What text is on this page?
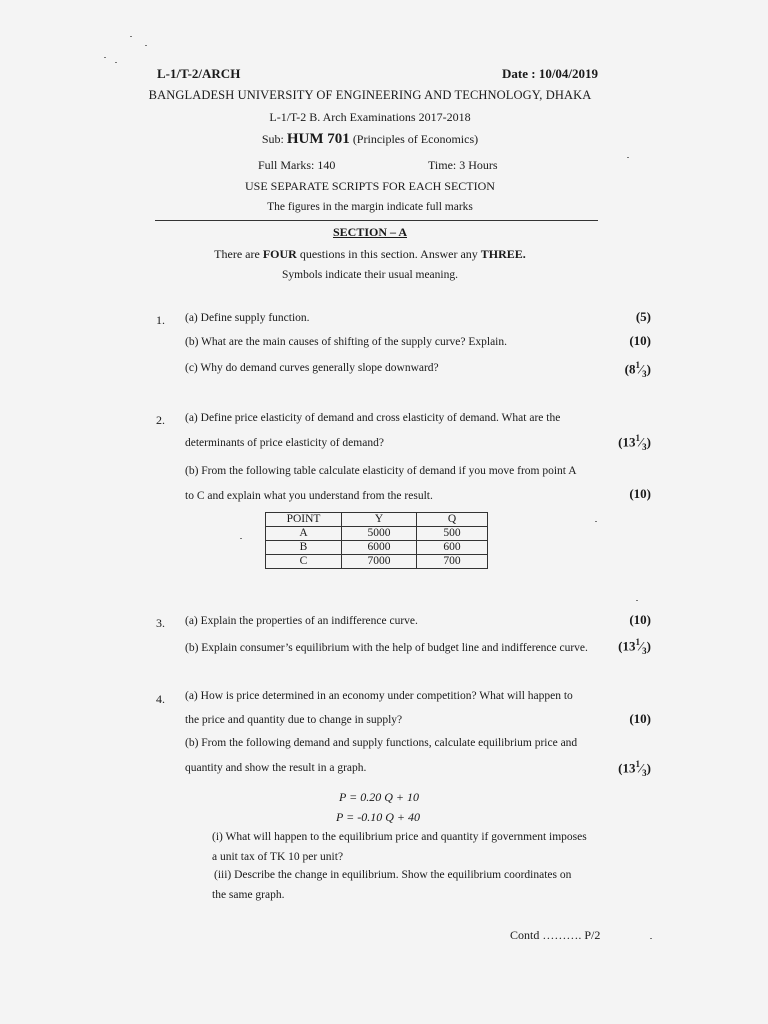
L-1/T-2/ARCH	Date : 10/04/2019
BANGLADESH UNIVERSITY OF ENGINEERING AND TECHNOLOGY, DHAKA
L-1/T-2 B. Arch Examinations 2017-2018
Sub: HUM 701 (Principles of Economics)
Full Marks: 140	Time: 3 Hours
USE SEPARATE SCRIPTS FOR EACH SECTION
The figures in the margin indicate full marks
SECTION – A
There are FOUR questions in this section. Answer any THREE.
Symbols indicate their usual meaning.
1. (a) Define supply function.	(5)
(b) What are the main causes of shifting of the supply curve? Explain.	(10)
(c) Why do demand curves generally slope downward?	$(8^1⁄_3)$
2. (a) Define price elasticity of demand and cross elasticity of demand. What are the
determinants of price elasticity of demand?	$(13^1⁄_3)$
(b) From the following table calculate elasticity of demand if you move from point A
to C and explain what you understand from the result.	(10)
POINT	Y	Q
A	5000	500
B	6000	600
C	7000	700
3. (a) Explain the properties of an indifference curve.	(10)
(b) Explain consumer’s equilibrium with the help of budget line and indifference curve.	$(13^1⁄_3)$
4. (a) How is price determined in an economy under competition? What will happen to
the price and quantity due to change in supply?	(10)
(b) From the following demand and supply functions, calculate equilibrium price and
quantity and show the result in a graph.	$(13^1⁄_3)$
P = 0.20 Q + 10
P = -0.10 Q + 40
(i) What will happen to the equilibrium price and quantity if government imposes
a unit tax of TK 10 per unit?
(iii) Describe the change in equilibrium. Show the equilibrium coordinates on
the same graph.
Contd ………. P/2
